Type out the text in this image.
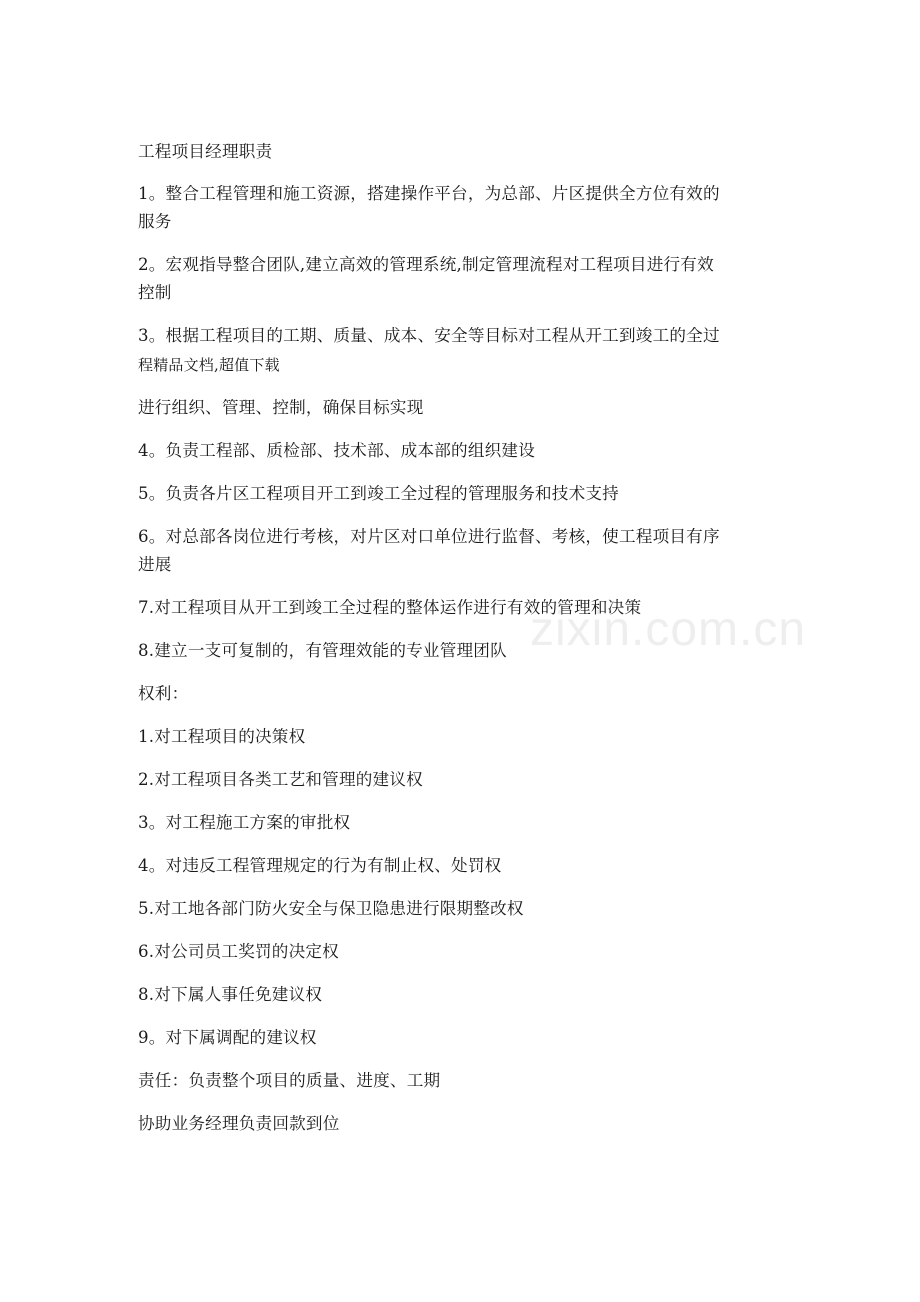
工程项目经理职责
1。整合工程管理和施工资源，搭建操作平台，为总部、片区提供全方位有效的
服务
2。宏观指导整合团队,建立高效的管理系统,制定管理流程对工程项目进行有效
控制
3。根据工程项目的工期、质量、成本、安全等目标对工程从开工到竣工的全过
程精品文档,超值下载
进行组织、管理、控制，确保目标实现
4。负责工程部、质检部、技术部、成本部的组织建设
5。负责各片区工程项目开工到竣工全过程的管理服务和技术支持
6。对总部各岗位进行考核，对片区对口单位进行监督、考核，使工程项目有序
进展
7.对工程项目从开工到竣工全过程的整体运作进行有效的管理和决策
8.建立一支可复制的，有管理效能的专业管理团队
权利：
1.对工程项目的决策权
2.对工程项目各类工艺和管理的建议权
3。对工程施工方案的审批权
4。对违反工程管理规定的行为有制止权、处罚权
5.对工地各部门防火安全与保卫隐患进行限期整改权
6.对公司员工奖罚的决定权
8.对下属人事任免建议权
9。对下属调配的建议权
责任：负责整个项目的质量、进度、工期
协助业务经理负责回款到位
zixin.com.cn
